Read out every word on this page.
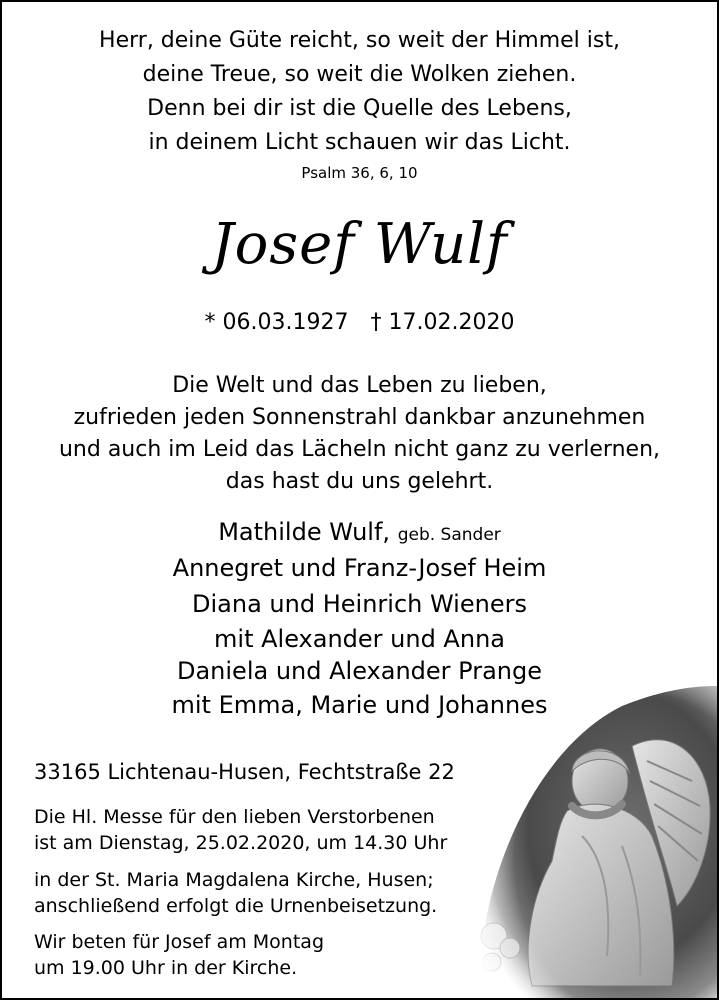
Herr, deine Güte reicht, so weit der Himmel ist,
deine Treue, so weit die Wolken ziehen.
Denn bei dir ist die Quelle des Lebens,
in deinem Licht schauen wir das Licht.
Psalm 36, 6, 10
Josef Wulf
* 06.03.1927 † 17.02.2020
Die Welt und das Leben zu lieben,
zufrieden jeden Sonnenstrahl dankbar anzunehmen
und auch im Leid das Lächeln nicht ganz zu verlernen,
das hast du uns gelehrt.
Mathilde Wulf, geb. Sander
Annegret und Franz-Josef Heim
Diana und Heinrich Wieners
mit Alexander und Anna
Daniela und Alexander Prange
mit Emma, Marie und Johannes
33165 Lichtenau-Husen, Fechtstraße 22
Die Hl. Messe für den lieben Verstorbenen
ist am Dienstag, 25.02.2020, um 14.30 Uhr
in der St. Maria Magdalena Kirche, Husen;
anschließend erfolgt die Urnenbeisetzung.
Wir beten für Josef am Montag
um 19.00 Uhr in der Kirche.
